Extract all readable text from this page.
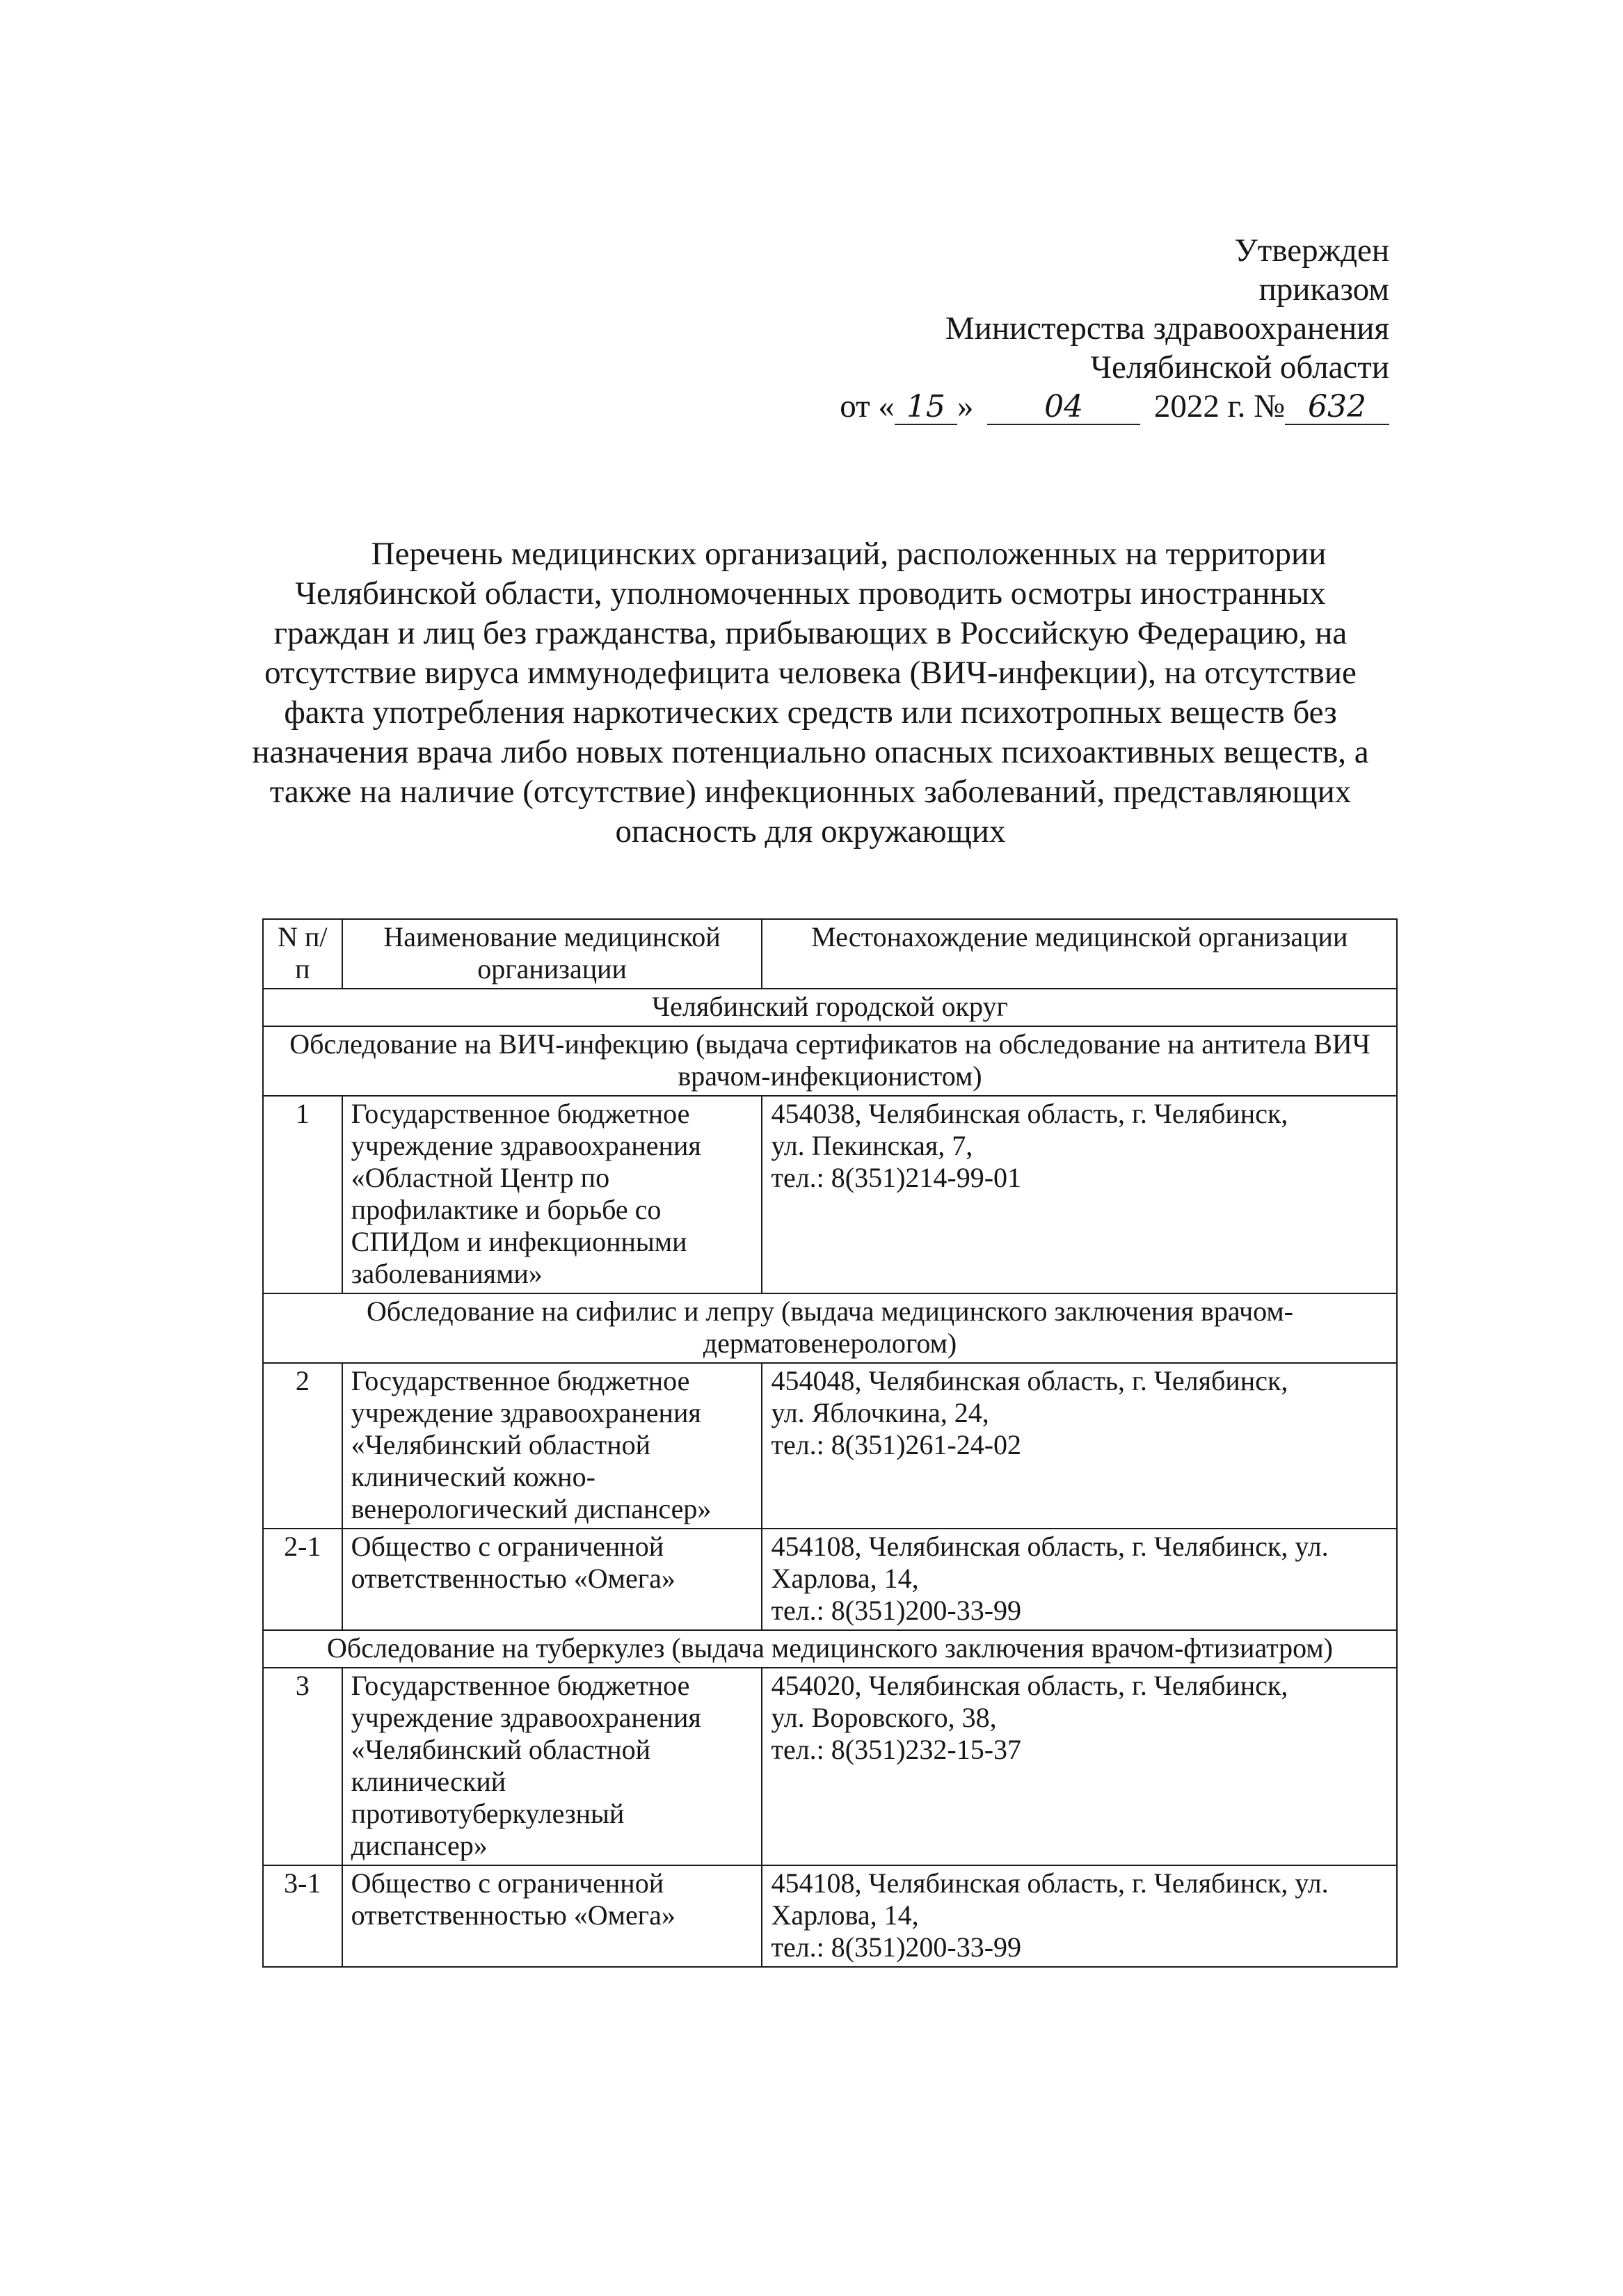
Утвержден
приказом
Министерства здравоохранения
Челябинской области
от « 15 » 04 2022 г. № 632

Перечень медицинских организаций, расположенных на территории Челябинской области, уполномоченных проводить осмотры иностранных граждан и лиц без гражданства, прибывающих в Российскую Федерацию, на отсутствие вируса иммунодефицита человека (ВИЧ-инфекции), на отсутствие факта употребления наркотических средств или психотропных веществ без назначения врача либо новых потенциально опасных психоактивных веществ, а также на наличие (отсутствие) инфекционных заболеваний, представляющих опасность для окружающих

N п/п	Наименование медицинской организации	Местонахождение медицинской организации
Челябинский городской округ		
Обследование на ВИЧ-инфекцию (выдача сертификатов на обследование на антитела ВИЧ врачом-инфекционистом)		
1	Государственное бюджетное учреждение здравоохранения «Областной Центр по профилактике и борьбе со СПИДом и инфекционными заболеваниями»	454038, Челябинская область, г. Челябинск,
ул. Пекинская, 7,
тел.: 8(351)214-99-01
Обследование на сифилис и лепру (выдача медицинского заключения врачом-дерматовенерологом)		
2	Государственное бюджетное учреждение здравоохранения «Челябинский областной клинический кожно-венерологический диспансер»	454048, Челябинская область, г. Челябинск,
ул. Яблочкина, 24,
тел.: 8(351)261-24-02
2-1	Общество с ограниченной ответственностью «Омега»	454108, Челябинская область, г. Челябинск, ул. Харлова, 14,
тел.: 8(351)200-33-99
Обследование на туберкулез (выдача медицинского заключения врачом-фтизиатром)		
3	Государственное бюджетное учреждение здравоохранения «Челябинский областной клинический противотуберкулезный диспансер»	454020, Челябинская область, г. Челябинск,
ул. Воровского, 38,
тел.: 8(351)232-15-37
3-1	Общество с ограниченной ответственностью «Омега»	454108, Челябинская область, г. Челябинск, ул. Харлова, 14,
тел.: 8(351)200-33-99
